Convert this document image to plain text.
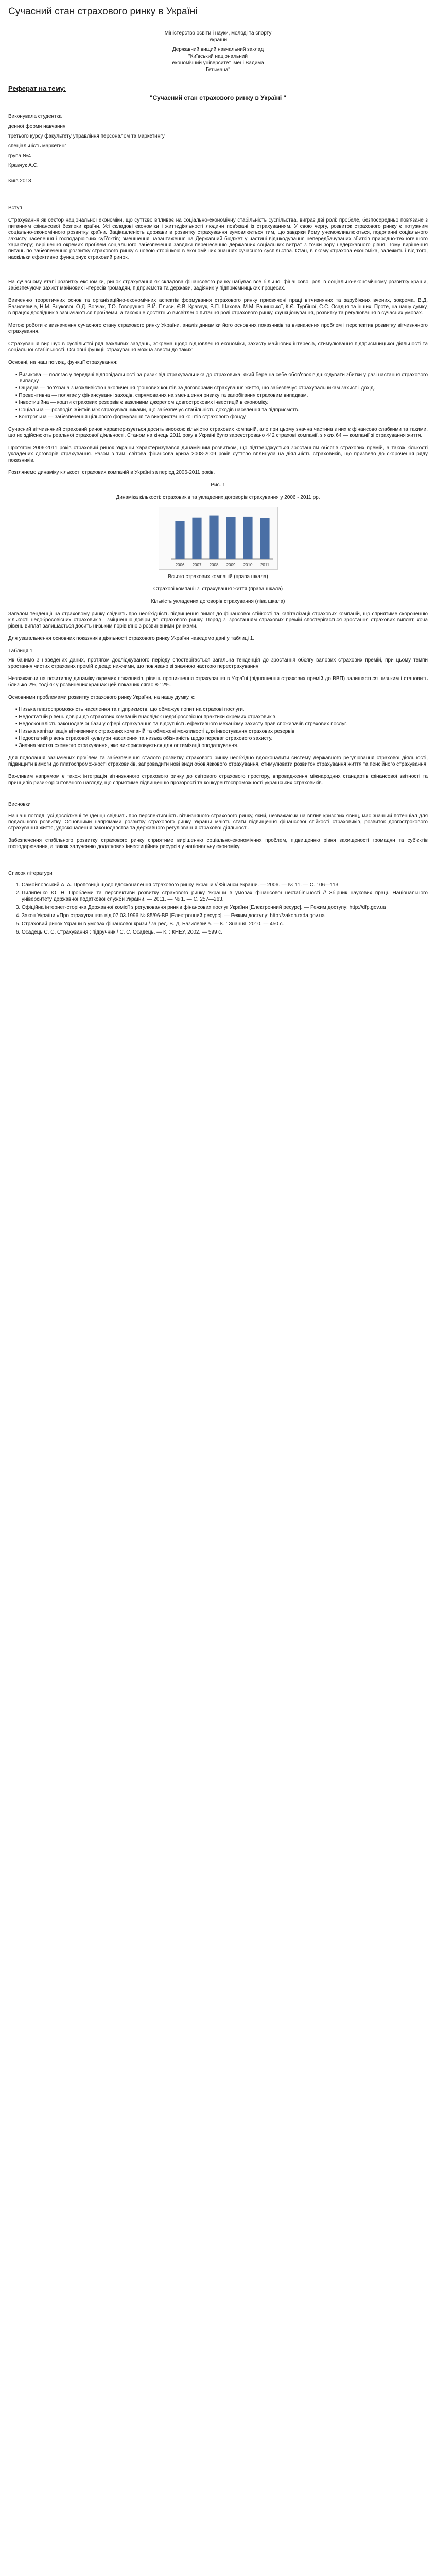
Сучасний стан страхового ринку в Україні

Міністерство освіти і науки, молоді та спорту

України

Державний вищий навчальний заклад

"Київський національний

економічний університет імені Вадима

Гетьмана"

Реферат на тему:

"Сучасний стан страхового ринку в Україні "

Виконувала студентка

денної форми навчання

третього курсу факультету управління персоналом та маркетингу

спеціальність маркетинг

група №4

Кравчук А.С.

Київ 2013

Вступ

Страхування як сектор національної економіки, що суттєво впливає на соціально-економічну стабільність суспільства, виграє дві ролі: пробеле, безпосередньо пов'язане з питанням фінансової безпеки країни. Усі складові економіки і життєдіяльності людини пов'язані із страхуванням. У свою чергу, розвиток страхового ринку є потужним соціально-економічного розвитку країни. Зацікавленість держави в розвитку страхування зумовлюється тим, що завдяки йому унеможливлюються, подоланні соціального захисту населення і господарюючих суб'єктів; зменшення навантаження на Державний бюджет у частині відшкодування непередбачуваних збитків природно-техногенного характеру; вирішення окремих проблем соціального забезпечення завдяки перенесенню державних соціальних витрат з точки зору недержавного рівня. Тому вирішення питань по забезпеченню розвитку страхового ринку є новою сторінкою в економічних знаннях сучасного суспільства. Стан, в якому страхова економіка, залежить і від того, наскільки ефективно функціонує страховий ринок.

На сучасному етапі розвитку економіки, ринок страхування як складова фінансового ринку набуває все більшої фінансової ролі в соціально-економічному розвитку країни, забезпечуючи захист майнових інтересів громадян, підприємств та держави, задіяних у підприємницьких процесах.

Вивченню теоретичних основ та організаційно-економічних аспектів формування страхового ринку присвячені праці вітчизняних та зарубіжних вчених, зокрема, В.Д. Базилевича, Н.М. Внукової, О.Д. Вовчак, Т.О. Говорушко, В.Й. Плиси, Є.В. Кравчук, В.П. Шахова, М.М. Рачинської, К.Є. Турбіної, С.С. Осадця та інших. Проте, на нашу думку, в працях дослідників зазначаються проблеми, а також не достатньо висвітлено питання ролі страхового ринку, функціонування, розвитку та регулювання в сучасних умовах.

Метою роботи є визначення сучасного стану страхового ринку України, аналіз динаміки його основних показників та визначення проблем і перспектив розвитку вітчизняного страхування.

Страхування вирішує в суспільстві ряд важливих завдань, зокрема щодо відновлення економіки, захисту майнових інтересів, стимулювання підприємницької діяльності та соціальної стабільності. Основні функції страхування можна звести до таких:

Основні, на наш погляд, функції страхування:

▪ Ризикова — полягає у передачі відповідальності за ризик від страхувальника до страховика, який бере на себе обов'язок відшкодувати збитки у разі настання страхового випадку.

▪ Ощадна — пов'язана з можливістю накопичення грошових коштів за договорами страхування життя, що забезпечує страхувальникам захист і дохід.

▪ Превентивна — полягає у фінансуванні заходів, спрямованих на зменшення ризику та запобігання страховим випадкам.

▪ Інвестиційна — кошти страхових резервів є важливим джерелом довгострокових інвестицій в економіку.

▪ Соціальна — розподіл збитків між страхувальниками, що забезпечує стабільність доходів населення та підприємств.

▪ Контрольна — забезпечення цільового формування та використання коштів страхового фонду.

Сучасний вітчизняний страховий ринок характеризується досить високою кількістю страхових компаній, але при цьому значна частина з них є фінансово слабкими та такими, що не здійснюють реальної страхової діяльності. Станом на кінець 2011 року в Україні було зареєстровано 442 страхові компанії, з яких 64 — компанії зі страхування життя.

Протягом 2006-2011 років страховий ринок України характеризувався динамічним розвитком, що підтверджується зростанням обсягів страхових премій, а також кількості укладених договорів страхування. Разом з тим, світова фінансова криза 2008-2009 років суттєво вплинула на діяльність страховиків, що призвело до скорочення ряду показників.

Розглянемо динаміку кількості страхових компаній в Україні за період 2006-2011 років.

Рис. 1

Динаміка кількості: страховиків та укладених договорів страхування у 2006 - 2011 рр.

2006 2007 2008 2009 2010 2011

Всього страхових компаній (права шкала)

Страхові компанії зі страхування життя (права шкала)

Кількість укладених договорів страхування (ліва шкала)

Загалом тенденції на страховому ринку свідчать про необхідність підвищення вимог до фінансової стійкості та капіталізації страхових компаній, що сприятиме скороченню кількості недобросовісних страховиків і зміцненню довіри до страхового ринку. Поряд зі зростанням страхових премій спостерігається зростання страхових виплат, хоча рівень виплат залишається досить низьким порівняно з розвиненими ринками.

Для узагальнення основних показників діяльності страхового ринку України наведемо дані у таблиці 1.

Таблиця 1

Як бачимо з наведених даних, протягом досліджуваного періоду спостерігається загальна тенденція до зростання обсягу валових страхових премій, при цьому темпи зростання чистих страхових премій є дещо нижчими, що пов'язано зі значною часткою перестрахування.

Незважаючи на позитивну динаміку окремих показників, рівень проникнення страхування в Україні (відношення страхових премій до ВВП) залишається низьким і становить близько 2%, тоді як у розвинених країнах цей показник сягає 8-12%.

Основними проблемами розвитку страхового ринку України, на нашу думку, є:

▪ Низька платоспроможність населення та підприємств, що обмежує попит на страхові послуги.

▪ Недостатній рівень довіри до страхових компаній внаслідок недобросовісної практики окремих страховиків.

▪ Недосконалість законодавчої бази у сфері страхування та відсутність ефективного механізму захисту прав споживачів страхових послуг.

▪ Низька капіталізація вітчизняних страхових компаній та обмежені можливості для інвестування страхових резервів.

▪ Недостатній рівень страхової культури населення та низька обізнаність щодо переваг страхового захисту.

▪ Значна частка схемного страхування, яке використовується для оптимізації оподаткування.

Для подолання зазначених проблем та забезпечення сталого розвитку страхового ринку необхідно вдосконалити систему державного регулювання страхової діяльності, підвищити вимоги до платоспроможності страховиків, запровадити нові види обов'язкового страхування, стимулювати розвиток страхування життя та пенсійного страхування.

Важливим напрямом є також інтеграція вітчизняного страхового ринку до світового страхового простору, впровадження міжнародних стандартів фінансової звітності та принципів ризик-орієнтованого нагляду, що сприятиме підвищенню прозорості та конкурентоспроможності українських страховиків.

Висновки

На наш погляд, усі досліджені тенденції свідчать про перспективність вітчизняного страхового ринку, який, незважаючи на вплив кризових явищ, має значний потенціал для подальшого розвитку. Основними напрямами розвитку страхового ринку України мають стати підвищення фінансової стійкості страховиків, розвиток довгострокового страхування життя, удосконалення законодавства та державного регулювання страхової діяльності.

Забезпечення стабільного розвитку страхового ринку сприятиме вирішенню соціально-економічних проблем, підвищенню рівня захищеності громадян та суб'єктів господарювання, а також залученню додаткових інвестиційних ресурсів у національну економіку.

Список літератури

1. Самойловський А. А. Пропозиції щодо вдосконалення страхового ринку України // Фінанси України. — 2006. — № 11. — С. 106—113.
2. Пилипенко Ю. Н. Проблеми та перспективи розвитку страхового ринку України в умовах фінансової нестабільності // Збірник наукових праць Національного університету державної податкової служби України. — 2011. — № 1. — С. 257—263.
3. Офіційна інтернет-сторінка Державної комісії з регулювання ринків фінансових послуг України [Електронний ресурс]. — Режим доступу: http://dfp.gov.ua
4. Закон України «Про страхування» від 07.03.1996 № 85/96-ВР [Електронний ресурс]. — Режим доступу: http://zakon.rada.gov.ua
5. Страховий ринок України в умовах фінансової кризи / за ред. В. Д. Базилевича. — К. : Знання, 2010. — 450 с.
6. Осадець С. С. Страхування : підручник / С. С. Осадець. — К. : КНЕУ, 2002. — 599 с.
